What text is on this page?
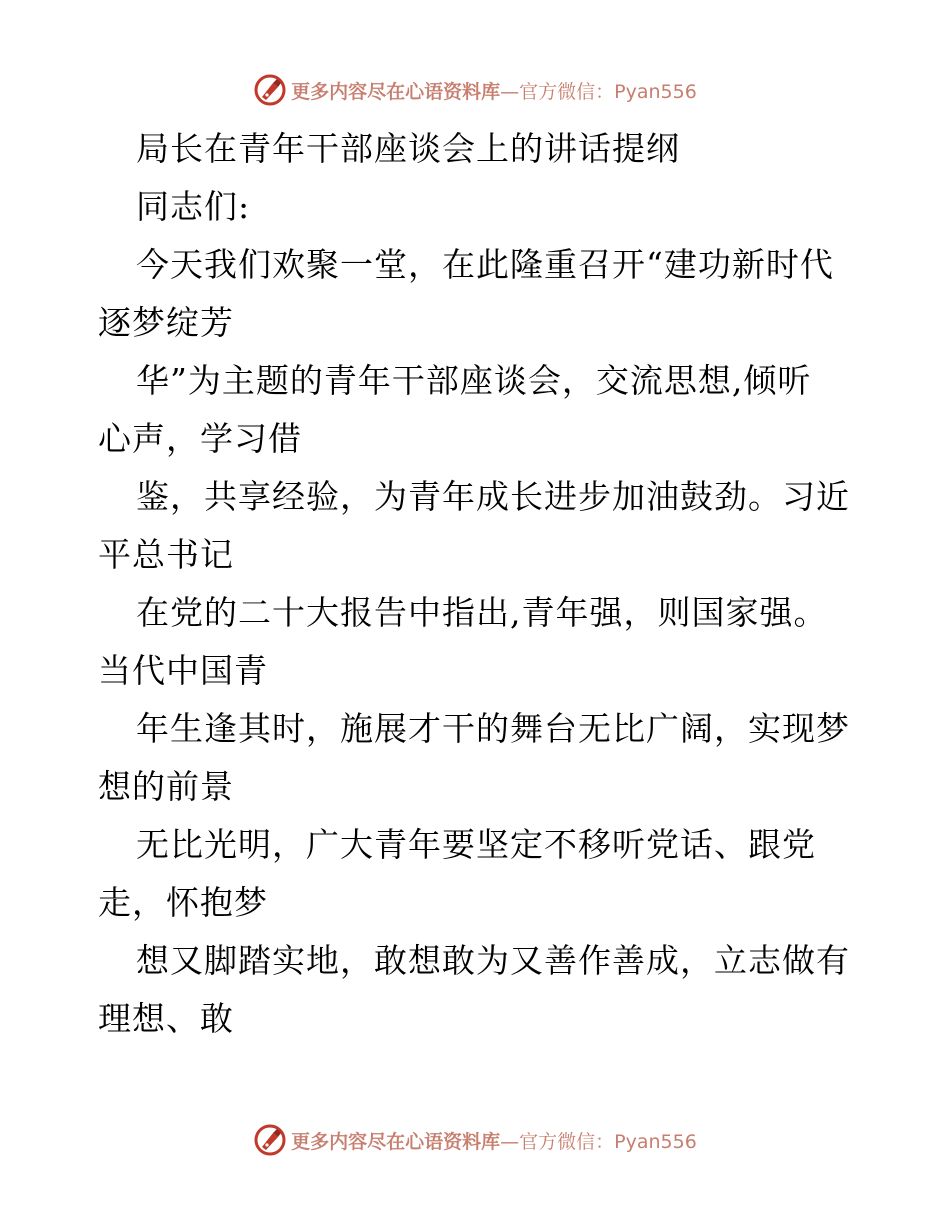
更多内容尽在心语资料库 —官方微信：Pyan556
局长在青年干部座谈会上的讲话提纲
同志们:
今天我们欢聚一堂，在此隆重召开“建功新时代
逐梦绽芳
华”为主题的青年干部座谈会，交流思想,倾听
心声，学习借
鉴，共享经验，为青年成长进步加油鼓劲。习近
平总书记
在党的二十大报告中指出,青年强，则国家强。
当代中国青
年生逢其时，施展才干的舞台无比广阔，实现梦
想的前景
无比光明，广大青年要坚定不移听党话、跟党
走，怀抱梦
想又脚踏实地，敢想敢为又善作善成，立志做有
理想、敢
更多内容尽在心语资料库 —官方微信：Pyan556
